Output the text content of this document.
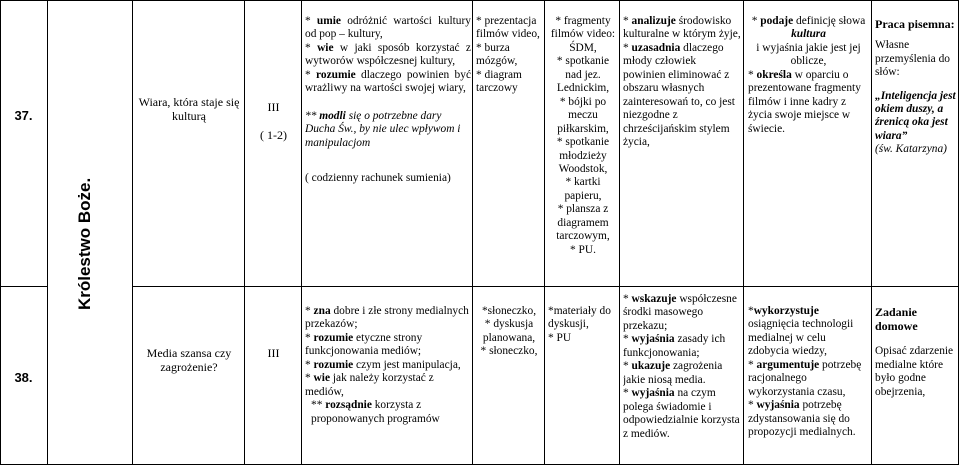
37.
Królestwo Boże.
Wiara, która staje się kulturą
III
( 1-2)
* umie odróżnić wartości kultury od pop – kultury,
* wie w jaki sposób korzystać z wytworów współczesnej kultury,
* rozumie dlaczego powinien być wrażliwy na wartości swojej wiary,
** modli się o potrzebne dary Ducha Św., by nie ulec wpływom i manipulacjom
( codzienny rachunek sumienia)
* prezentacja filmów video,
* burza mózgów,
* diagram tarczowy
* fragmenty filmów video: ŚDM,
* spotkanie nad jez. Lednickim,
* bójki po meczu piłkarskim,
* spotkanie młodzieży Woodstok,
* kartki papieru,
* plansza z diagramem tarczowym,
* PU.
* analizuje środowisko kulturalne w którym żyje,
* uzasadnia dlaczego młody człowiek powinien eliminować z obszaru własnych zainteresowań to, co jest niezgodne z chrześcijańskim stylem życia,
* podaje definicję słowa
kultura
i wyjaśnia jakie jest jej oblicze,
* określa w oparciu o prezentowane fragmenty filmów i inne kadry z życia swoje miejsce w świecie.
Praca pisemna:
Własne przemyślenia do słów:
„Inteligencja jest okiem duszy, a źrenicą oka jest wiara”
(św. Katarzyna)
38.
Media szansa czy zagrożenie?
III
* zna dobre i złe strony medialnych przekazów;
* rozumie etyczne strony funkcjonowania mediów;
* rozumie czym jest manipulacja,
* wie jak należy korzystać z mediów,
** rozsądnie korzysta z proponowanych programów
*słoneczko,
* dyskusja planowana,
* słoneczko,
*materiały do dyskusji,
* PU
* wskazuje współczesne środki masowego przekazu;
* wyjaśnia zasady ich funkcjonowania;
* ukazuje zagrożenia jakie niosą media.
* wyjaśnia na czym polega świadomie i odpowiedzialnie korzysta z mediów.
*wykorzystuje osiągnięcia technologii medialnej w celu zdobycia wiedzy,
* argumentuje potrzebę racjonalnego wykorzystania czasu,
* wyjaśnia potrzebę zdystansowania się do propozycji medialnych.
Zadanie domowe
Opisać zdarzenie medialne które było godne obejrzenia,
